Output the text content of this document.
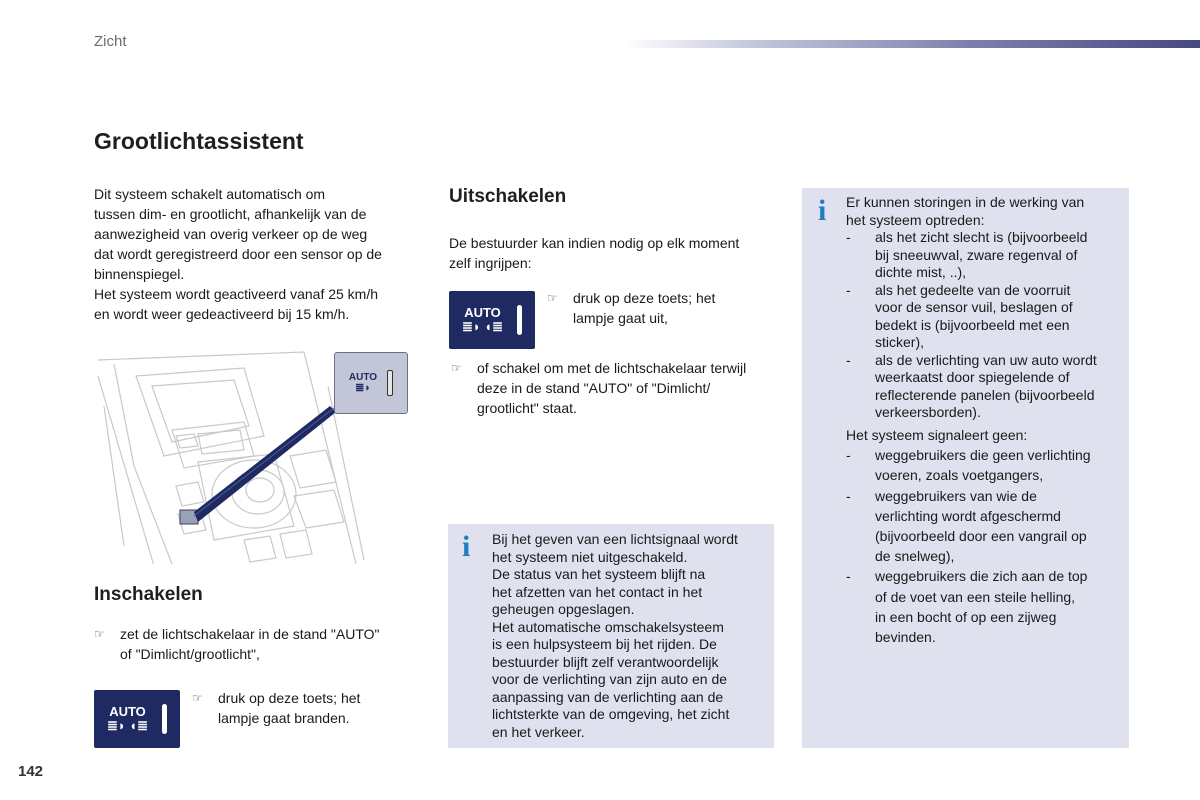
Zicht
Grootlichtassistent
Dit systeem schakelt automatisch om
tussen dim- en grootlicht, afhankelijk van de
aanwezigheid van overig verkeer op de weg
dat wordt geregistreerd door een sensor op de
binnenspiegel.
Het systeem wordt geactiveerd vanaf 25 km/h
en wordt weer gedeactiveerd bij 15 km/h.
AUTO
≣◗
Inschakelen
☞	zet de lichtschakelaar in de stand "AUTO"
of "Dimlicht/grootlicht",
AUTO
≣◗ ◖≣
☞	druk op deze toets; het
lampje gaat branden.
Uitschakelen
De bestuurder kan indien nodig op elk moment
zelf ingrijpen:
AUTO
≣◗ ◖≣
☞	druk op deze toets; het
lampje gaat uit,
☞	of schakel om met de lichtschakelaar terwijl
deze in de stand "AUTO" of "Dimlicht/
grootlicht" staat.
i Bij het geven van een lichtsignaal wordt
het systeem niet uitgeschakeld.
De status van het systeem blijft na
het afzetten van het contact in het
geheugen opgeslagen.
Het automatische omschakelsysteem
is een hulpsysteem bij het rijden. De
bestuurder blijft zelf verantwoordelijk
voor de verlichting van zijn auto en de
aanpassing van de verlichting aan de
lichtsterkte van de omgeving, het zicht
en het verkeer.
i Er kunnen storingen in de werking van
het systeem optreden:
-	als het zicht slecht is (bijvoorbeeld
bij sneeuwval, zware regenval of
dichte mist, ..),
-	als het gedeelte van de voorruit
voor de sensor vuil, beslagen of
bedekt is (bijvoorbeeld met een
sticker),
-	als de verlichting van uw auto wordt
weerkaatst door spiegelende of
reflecterende panelen (bijvoorbeeld
verkeersborden).
Het systeem signaleert geen:
-	weggebruikers die geen verlichting
voeren, zoals voetgangers,
-	weggebruikers van wie de
verlichting wordt afgeschermd
(bijvoorbeeld door een vangrail op
de snelweg),
-	weggebruikers die zich aan de top
of de voet van een steile helling,
in een bocht of op een zijweg
bevinden.
142
